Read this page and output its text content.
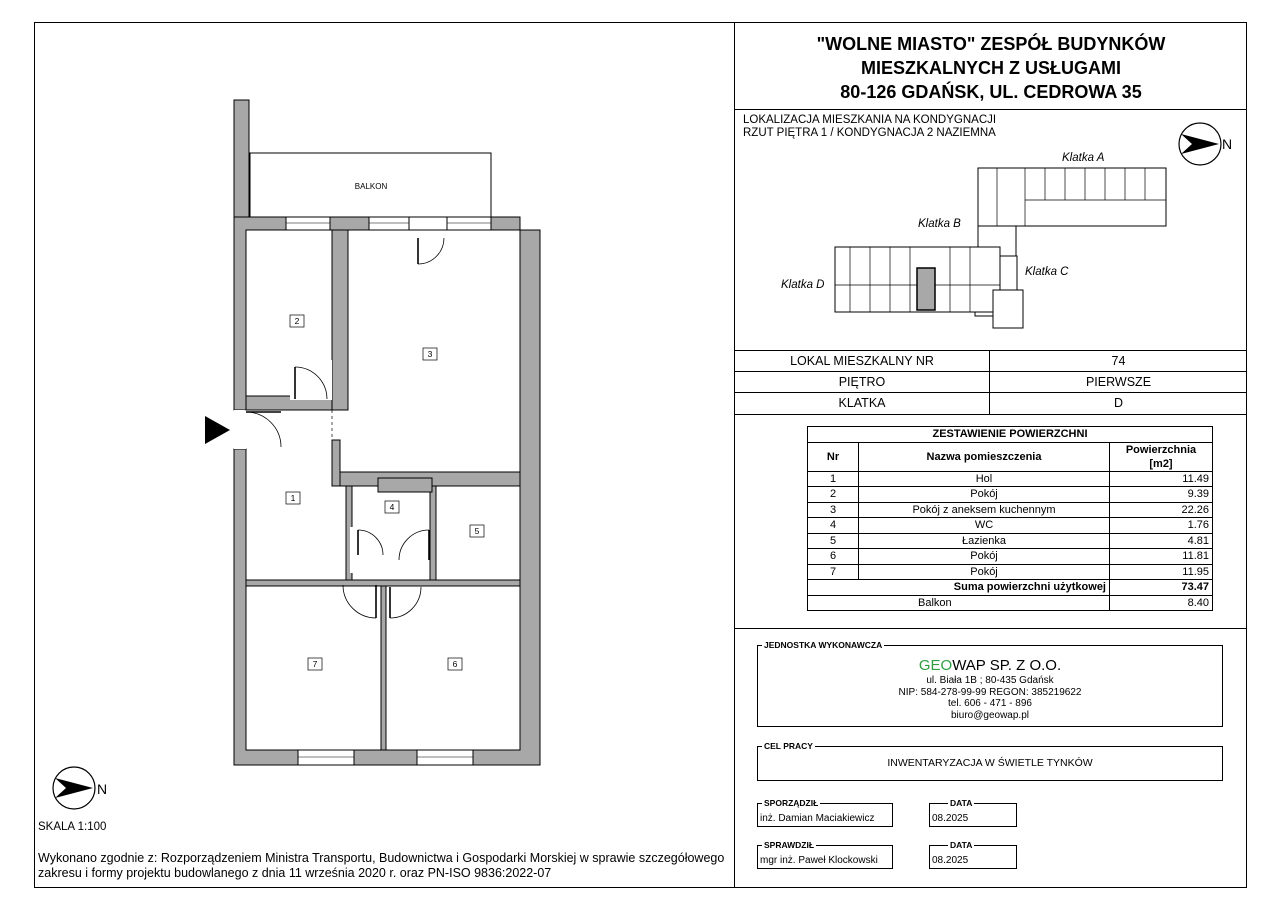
BALKON
2
3
1
4
5
6
7
N
SKALA 1:100
"WOLNE MIASTO" ZESPÓŁ BUDYNKÓW
MIESZKALNYCH Z USŁUGAMI
80-126 GDAŃSK, UL. CEDROWA 35
LOKALIZACJA MIESZKANIA NA KONDYGNACJI
RZUT PIĘTRA 1 / KONDYGNACJA 2 NAZIEMNA
N
Klatka A
Klatka B
Klatka C
Klatka D
LOKAL MIESZKALNY NR	74
PIĘTRO	PIERWSZE
KLATKA	D
ZESTAWIENIE POWIERZCHNI		
Nr	Nazwa pomieszczenia	Powierzchnia [m2]
1	Hol	11.49
2	Pokój	9.39
3	Pokój z aneksem kuchennym	22.26
4	WC	1.76
5	Łazienka	4.81
6	Pokój	11.81
7	Pokój	11.95
Suma powierzchni użytkowej		73.47
Balkon		8.40
JEDNOSTKA WYKONAWCZA
GEOWAP SP. Z O.O.
ul. Biała 1B ; 80-435 Gdańsk
NIP: 584-278-99-99 REGON: 385219622
tel. 606 - 471 - 896
biuro@geowap.pl
CEL PRACY
INWENTARYZACJA W ŚWIETLE TYNKÓW
SPORZĄDZIŁ
inż. Damian Maciakiewicz
DATA
08.2025
SPRAWDZIŁ
mgr inż. Paweł Klockowski
DATA
08.2025
Wykonano zgodnie z: Rozporządzeniem Ministra Transportu, Budownictwa i Gospodarki Morskiej w sprawie szczegółowego
zakresu i formy projektu budowlanego z dnia 11 września 2020 r. oraz PN-ISO 9836:2022-07
